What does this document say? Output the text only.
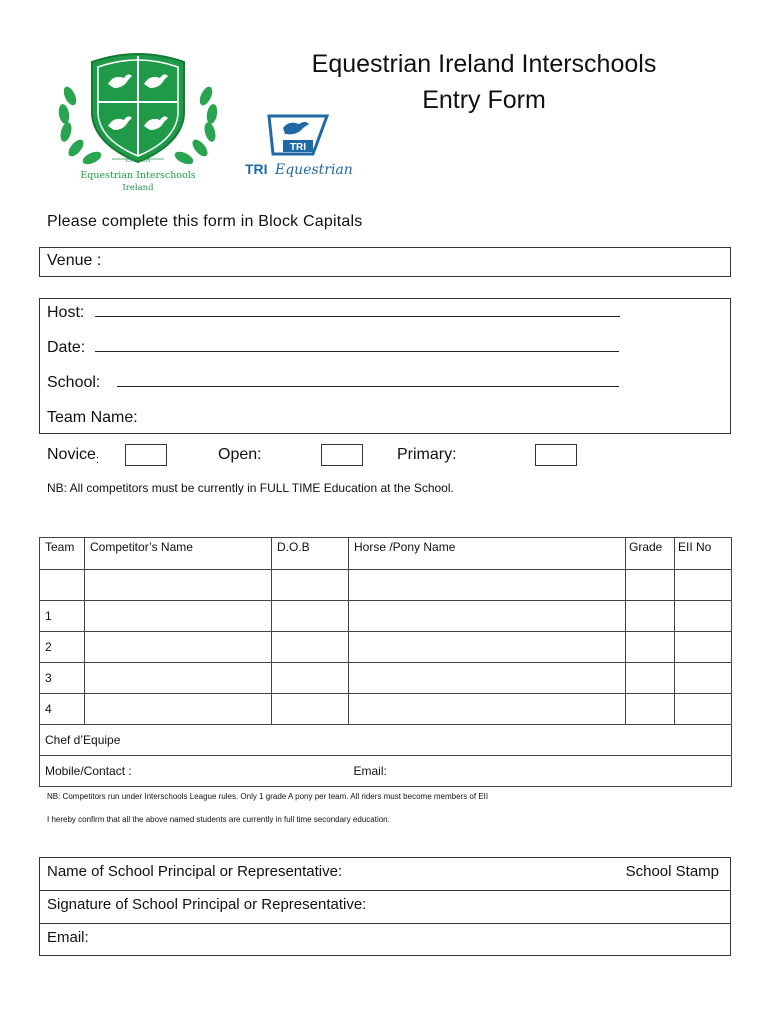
EST 2005
Equestrian Interschools
Ireland
TRI
TRI Equestrian
Equestrian Ireland Interschools
Entry Form
Please complete this form in Block Capitals
Venue :
Host:
Date:
School:
Team Name:
Novice$_:$	Open:	Primary:
NB: All competitors must be currently in FULL TIME Education at the School.
Team	Competitor’s Name	D.O.B	Horse /Pony Name	Grade	EII No

1					
2					
3					
4					
Chef d’Equipe					
Mobile/Contact :			Email:		
NB: Competitors run under Interschools League rules. Only 1 grade A pony per team. All riders must become members of EII
I hereby confirm that all the above named students are currently in full time secondary education.
Name of School Principal or Representative:	School Stamp
Signature of School Principal or Representative:
Email:
